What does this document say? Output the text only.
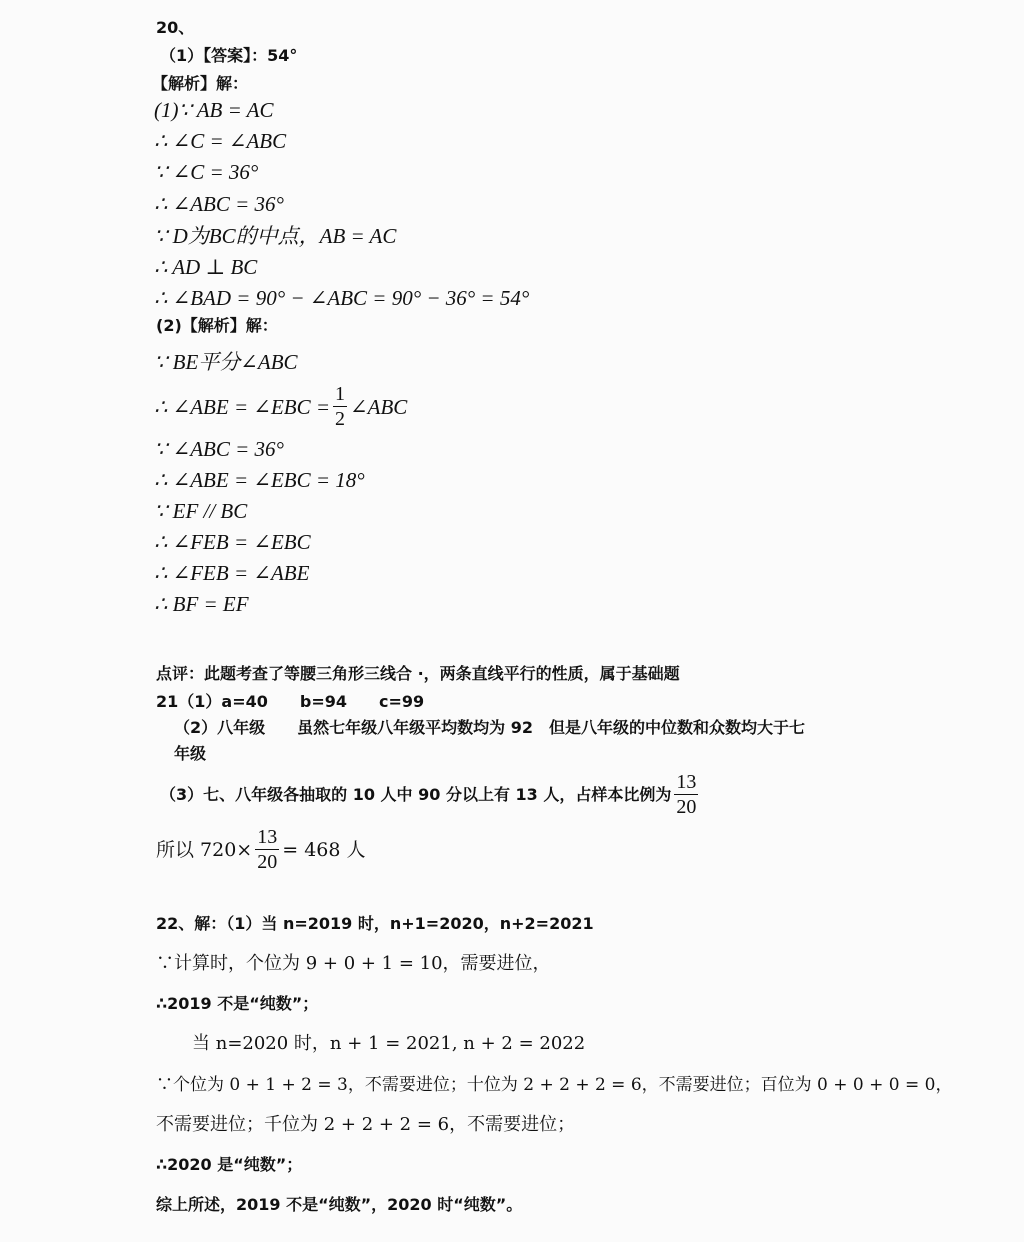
20、
（1）【答案】：54°
【解析】解：
(1)∵ AB = AC
∴ ∠C = ∠ABC
∵ ∠C = 36°
∴ ∠ABC = 36°
∵ D为BC的中点，AB = AC
∴ AD ⊥ BC
∴ ∠BAD = 90° − ∠ABC = 90° − 36° = 54°
(2)【解析】解：
∵ BE平分∠ABC
∴ ∠ABE = ∠EBC = $\frac{1}{2}$ ∠ABC
∵ ∠ABC = 36°
∴ ∠ABE = ∠EBC = 18°
∵ EF // BC
∴ ∠FEB = ∠EBC
∴ ∠FEB = ∠ABE
∴ BF = EF
点评：此题考查了等腰三角形三线合 ·，两条直线平行的性质，属于基础题
21（1）a=40　　b=94　　c=99
（2）八年级　　虽然七年级八年级平均数均为 92　但是八年级的中位数和众数均大于七
年级
（3）七、八年级各抽取的 10 人中 90 分以上有 13 人，占样本比例为 $\frac{13}{20}$
所以 $720\times \frac{13}{20} = 468$ 人
22、解：（1）当 n=2019 时，n+1=2020，n+2=2021
∵计算时，个位为 9 + 0 + 1 = 10，需要进位，
∴2019 不是“纯数”；
　　当 n=2020 时，n + 1 = 2021, n + 2 = 2022
∵个位为 0 + 1 + 2 = 3，不需要进位；十位为 2 + 2 + 2 = 6，不需要进位；百位为 0 + 0 + 0 = 0，
不需要进位；千位为 2 + 2 + 2 = 6，不需要进位；
∴2020 是“纯数”；
综上所述，2019 不是“纯数”，2020 时“纯数”。
